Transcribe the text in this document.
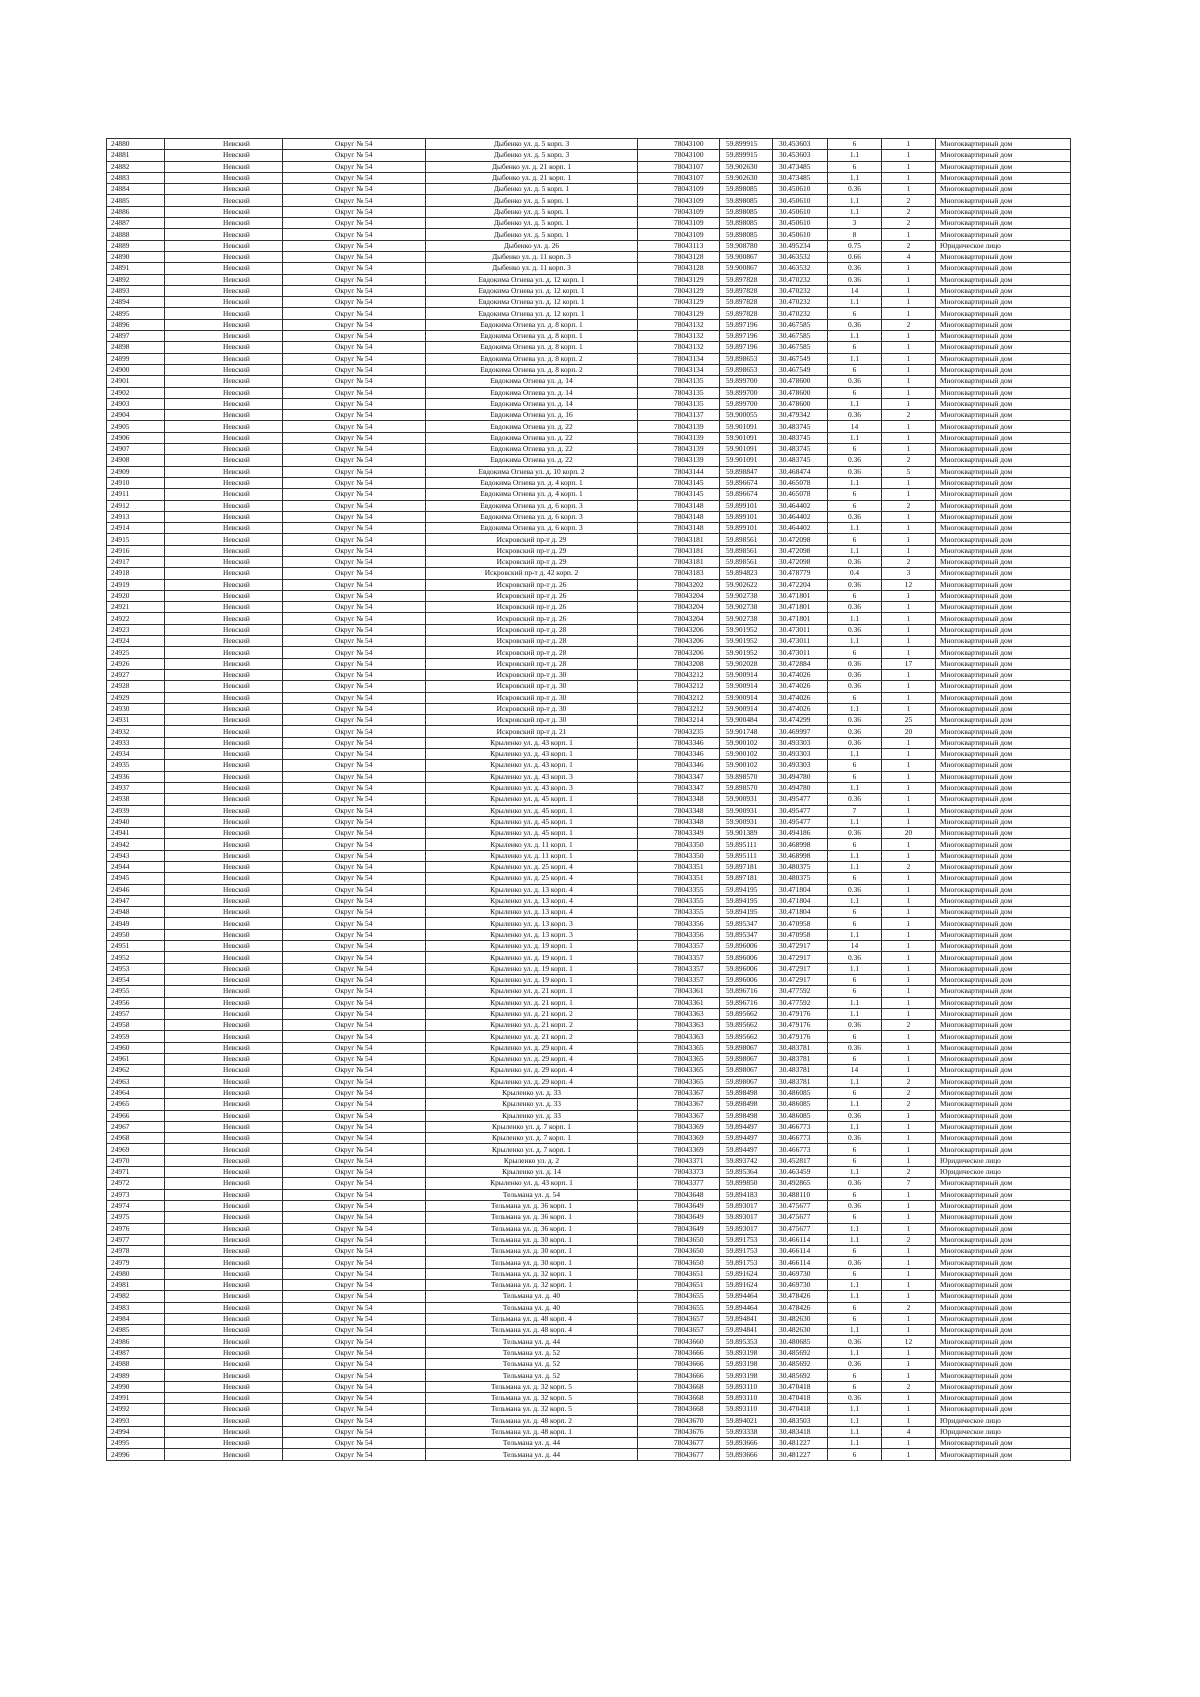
24880	Невский	Округ № 54	Дыбенко ул. д. 5 корп. 3	78043100	59.899915	30.453603	6	1	Многоквартирный дом
24881	Невский	Округ № 54	Дыбенко ул. д. 5 корп. 3	78043100	59.899915	30.453603	1.1	1	Многоквартирный дом
24882	Невский	Округ № 54	Дыбенко ул. д. 21 корп. 1	78043107	59.902630	30.473485	6	1	Многоквартирный дом
24883	Невский	Округ № 54	Дыбенко ул. д. 21 корп. 1	78043107	59.902630	30.473485	1.1	1	Многоквартирный дом
24884	Невский	Округ № 54	Дыбенко ул. д. 5 корп. 1	78043109	59.898085	30.450610	0.36	1	Многоквартирный дом
24885	Невский	Округ № 54	Дыбенко ул. д. 5 корп. 1	78043109	59.898085	30.450610	1.1	2	Многоквартирный дом
24886	Невский	Округ № 54	Дыбенко ул. д. 5 корп. 1	78043109	59.898085	30.450610	1.1	2	Многоквартирный дом
24887	Невский	Округ № 54	Дыбенко ул. д. 5 корп. 1	78043109	59.898085	30.450610	3	2	Многоквартирный дом
24888	Невский	Округ № 54	Дыбенко ул. д. 5 корп. 1	78043109	59.898085	30.450610	8	1	Многоквартирный дом
24889	Невский	Округ № 54	Дыбенко ул. д. 26	78043113	59.908780	30.495234	0.75	2	Юридическое лицо
24890	Невский	Округ № 54	Дыбенко ул. д. 11 корп. 3	78043128	59.900867	30.463532	0.66	4	Многоквартирный дом
24891	Невский	Округ № 54	Дыбенко ул. д. 11 корп. 3	78043128	59.900867	30.463532	0.36	1	Многоквартирный дом
24892	Невский	Округ № 54	Евдокима Огнева ул. д. 12 корп. 1	78043129	59.897828	30.470232	0.36	1	Многоквартирный дом
24893	Невский	Округ № 54	Евдокима Огнева ул. д. 12 корп. 1	78043129	59.897828	30.470232	14	1	Многоквартирный дом
24894	Невский	Округ № 54	Евдокима Огнева ул. д. 12 корп. 1	78043129	59.897828	30.470232	1.1	1	Многоквартирный дом
24895	Невский	Округ № 54	Евдокима Огнева ул. д. 12 корп. 1	78043129	59.897828	30.470232	6	1	Многоквартирный дом
24896	Невский	Округ № 54	Евдокима Огнева ул. д. 8 корп. 1	78043132	59.897196	30.467585	0.36	2	Многоквартирный дом
24897	Невский	Округ № 54	Евдокима Огнева ул. д. 8 корп. 1	78043132	59.897196	30.467585	1.1	1	Многоквартирный дом
24898	Невский	Округ № 54	Евдокима Огнева ул. д. 8 корп. 1	78043132	59.897196	30.467585	6	1	Многоквартирный дом
24899	Невский	Округ № 54	Евдокима Огнева ул. д. 8 корп. 2	78043134	59.898653	30.467549	1.1	1	Многоквартирный дом
24900	Невский	Округ № 54	Евдокима Огнева ул. д. 8 корп. 2	78043134	59.898653	30.467549	6	1	Многоквартирный дом
24901	Невский	Округ № 54	Евдокима Огнева ул. д. 14	78043135	59.899700	30.478600	0.36	1	Многоквартирный дом
24902	Невский	Округ № 54	Евдокима Огнева ул. д. 14	78043135	59.899700	30.478600	6	1	Многоквартирный дом
24903	Невский	Округ № 54	Евдокима Огнева ул. д. 14	78043135	59.899700	30.478600	1.1	1	Многоквартирный дом
24904	Невский	Округ № 54	Евдокима Огнева ул. д. 16	78043137	59.900055	30.479342	0.36	2	Многоквартирный дом
24905	Невский	Округ № 54	Евдокима Огнева ул. д. 22	78043139	59.901091	30.483745	14	1	Многоквартирный дом
24906	Невский	Округ № 54	Евдокима Огнева ул. д. 22	78043139	59.901091	30.483745	1.1	1	Многоквартирный дом
24907	Невский	Округ № 54	Евдокима Огнева ул. д. 22	78043139	59.901091	30.483745	6	1	Многоквартирный дом
24908	Невский	Округ № 54	Евдокима Огнева ул. д. 22	78043139	59.901091	30.483745	0.36	2	Многоквартирный дом
24909	Невский	Округ № 54	Евдокима Огнева ул. д. 10 корп. 2	78043144	59.898847	30.468474	0.36	5	Многоквартирный дом
24910	Невский	Округ № 54	Евдокима Огнева ул. д. 4 корп. 1	78043145	59.896674	30.465078	1.1	1	Многоквартирный дом
24911	Невский	Округ № 54	Евдокима Огнева ул. д. 4 корп. 1	78043145	59.896674	30.465078	6	1	Многоквартирный дом
24912	Невский	Округ № 54	Евдокима Огнева ул. д. 6 корп. 3	78043148	59.899101	30.464402	6	2	Многоквартирный дом
24913	Невский	Округ № 54	Евдокима Огнева ул. д. 6 корп. 3	78043148	59.899101	30.464402	0.36	1	Многоквартирный дом
24914	Невский	Округ № 54	Евдокима Огнева ул. д. 6 корп. 3	78043148	59.899101	30.464402	1.1	1	Многоквартирный дом
24915	Невский	Округ № 54	Искровский пр-т д. 29	78043181	59.898561	30.472098	6	1	Многоквартирный дом
24916	Невский	Округ № 54	Искровский пр-т д. 29	78043181	59.898561	30.472098	1.1	1	Многоквартирный дом
24917	Невский	Округ № 54	Искровский пр-т д. 29	78043181	59.898561	30.472098	0.36	2	Многоквартирный дом
24918	Невский	Округ № 54	Искровский пр-т д. 42 корп. 2	78043183	59.894823	30.478779	0.4	3	Многоквартирный дом
24919	Невский	Округ № 54	Искровский пр-т д. 26	78043202	59.902622	30.472204	0.36	12	Многоквартирный дом
24920	Невский	Округ № 54	Искровский пр-т д. 26	78043204	59.902738	30.471801	6	1	Многоквартирный дом
24921	Невский	Округ № 54	Искровский пр-т д. 26	78043204	59.902738	30.471801	0.36	1	Многоквартирный дом
24922	Невский	Округ № 54	Искровский пр-т д. 26	78043204	59.902738	30.471801	1.1	1	Многоквартирный дом
24923	Невский	Округ № 54	Искровский пр-т д. 28	78043206	59.901952	30.473011	0.36	1	Многоквартирный дом
24924	Невский	Округ № 54	Искровский пр-т д. 28	78043206	59.901952	30.473011	1.1	1	Многоквартирный дом
24925	Невский	Округ № 54	Искровский пр-т д. 28	78043206	59.901952	30.473011	6	1	Многоквартирный дом
24926	Невский	Округ № 54	Искровский пр-т д. 28	78043208	59.902028	30.472884	0.36	17	Многоквартирный дом
24927	Невский	Округ № 54	Искровский пр-т д. 30	78043212	59.900914	30.474026	0.36	1	Многоквартирный дом
24928	Невский	Округ № 54	Искровский пр-т д. 30	78043212	59.900914	30.474026	0.36	1	Многоквартирный дом
24929	Невский	Округ № 54	Искровский пр-т д. 30	78043212	59.900914	30.474026	6	1	Многоквартирный дом
24930	Невский	Округ № 54	Искровский пр-т д. 30	78043212	59.900914	30.474026	1.1	1	Многоквартирный дом
24931	Невский	Округ № 54	Искровский пр-т д. 30	78043214	59.900484	30.474299	0.36	25	Многоквартирный дом
24932	Невский	Округ № 54	Искровский пр-т д. 21	78043235	59.901748	30.469997	0.36	20	Многоквартирный дом
24933	Невский	Округ № 54	Крыленко ул. д. 43 корп. 1	78043346	59.900102	30.493303	0.36	1	Многоквартирный дом
24934	Невский	Округ № 54	Крыленко ул. д. 43 корп. 1	78043346	59.900102	30.493303	1.1	1	Многоквартирный дом
24935	Невский	Округ № 54	Крыленко ул. д. 43 корп. 1	78043346	59.900102	30.493303	6	1	Многоквартирный дом
24936	Невский	Округ № 54	Крыленко ул. д. 43 корп. 3	78043347	59.898570	30.494780	6	1	Многоквартирный дом
24937	Невский	Округ № 54	Крыленко ул. д. 43 корп. 3	78043347	59.898570	30.494780	1.1	1	Многоквартирный дом
24938	Невский	Округ № 54	Крыленко ул. д. 45 корп. 1	78043348	59.900931	30.495477	0.36	1	Многоквартирный дом
24939	Невский	Округ № 54	Крыленко ул. д. 45 корп. 1	78043348	59.900931	30.495477	7	1	Многоквартирный дом
24940	Невский	Округ № 54	Крыленко ул. д. 45 корп. 1	78043348	59.900931	30.495477	1.1	1	Многоквартирный дом
24941	Невский	Округ № 54	Крыленко ул. д. 45 корп. 1	78043349	59.901389	30.494186	0.36	20	Многоквартирный дом
24942	Невский	Округ № 54	Крыленко ул. д. 11 корп. 1	78043350	59.895111	30.468998	6	1	Многоквартирный дом
24943	Невский	Округ № 54	Крыленко ул. д. 11 корп. 1	78043350	59.895111	30.468998	1.1	1	Многоквартирный дом
24944	Невский	Округ № 54	Крыленко ул. д. 25 корп. 4	78043351	59.897181	30.480375	1.1	2	Многоквартирный дом
24945	Невский	Округ № 54	Крыленко ул. д. 25 корп. 4	78043351	59.897181	30.480375	6	1	Многоквартирный дом
24946	Невский	Округ № 54	Крыленко ул. д. 13 корп. 4	78043355	59.894195	30.471804	0.36	1	Многоквартирный дом
24947	Невский	Округ № 54	Крыленко ул. д. 13 корп. 4	78043355	59.894195	30.471804	1.1	1	Многоквартирный дом
24948	Невский	Округ № 54	Крыленко ул. д. 13 корп. 4	78043355	59.894195	30.471804	6	1	Многоквартирный дом
24949	Невский	Округ № 54	Крыленко ул. д. 13 корп. 3	78043356	59.895347	30.470958	6	1	Многоквартирный дом
24950	Невский	Округ № 54	Крыленко ул. д. 13 корп. 3	78043356	59.895347	30.470958	1.1	1	Многоквартирный дом
24951	Невский	Округ № 54	Крыленко ул. д. 19 корп. 1	78043357	59.896006	30.472917	14	1	Многоквартирный дом
24952	Невский	Округ № 54	Крыленко ул. д. 19 корп. 1	78043357	59.896006	30.472917	0.36	1	Многоквартирный дом
24953	Невский	Округ № 54	Крыленко ул. д. 19 корп. 1	78043357	59.896006	30.472917	1.1	1	Многоквартирный дом
24954	Невский	Округ № 54	Крыленко ул. д. 19 корп. 1	78043357	59.896006	30.472917	6	1	Многоквартирный дом
24955	Невский	Округ № 54	Крыленко ул. д. 21 корп. 1	78043361	59.896716	30.477592	6	1	Многоквартирный дом
24956	Невский	Округ № 54	Крыленко ул. д. 21 корп. 1	78043361	59.896716	30.477592	1.1	1	Многоквартирный дом
24957	Невский	Округ № 54	Крыленко ул. д. 21 корп. 2	78043363	59.895662	30.479176	1.1	1	Многоквартирный дом
24958	Невский	Округ № 54	Крыленко ул. д. 21 корп. 2	78043363	59.895662	30.479176	0.36	2	Многоквартирный дом
24959	Невский	Округ № 54	Крыленко ул. д. 21 корп. 2	78043363	59.895662	30.479176	6	1	Многоквартирный дом
24960	Невский	Округ № 54	Крыленко ул. д. 29 корп. 4	78043365	59.898067	30.483781	0.36	1	Многоквартирный дом
24961	Невский	Округ № 54	Крыленко ул. д. 29 корп. 4	78043365	59.898067	30.483781	6	1	Многоквартирный дом
24962	Невский	Округ № 54	Крыленко ул. д. 29 корп. 4	78043365	59.898067	30.483781	14	1	Многоквартирный дом
24963	Невский	Округ № 54	Крыленко ул. д. 29 корп. 4	78043365	59.898067	30.483781	1.1	2	Многоквартирный дом
24964	Невский	Округ № 54	Крыленко ул. д. 33	78043367	59.898498	30.486085	6	2	Многоквартирный дом
24965	Невский	Округ № 54	Крыленко ул. д. 33	78043367	59.898498	30.486085	1.1	2	Многоквартирный дом
24966	Невский	Округ № 54	Крыленко ул. д. 33	78043367	59.898498	30.486085	0.36	1	Многоквартирный дом
24967	Невский	Округ № 54	Крыленко ул. д. 7 корп. 1	78043369	59.894497	30.466773	1.1	1	Многоквартирный дом
24968	Невский	Округ № 54	Крыленко ул. д. 7 корп. 1	78043369	59.894497	30.466773	0.36	1	Многоквартирный дом
24969	Невский	Округ № 54	Крыленко ул. д. 7 корп. 1	78043369	59.894497	30.466773	6	1	Многоквартирный дом
24970	Невский	Округ № 54	Крыленко ул. д. 2	78043371	59.893742	30.452817	6	1	Юридическое лицо
24971	Невский	Округ № 54	Крыленко ул. д. 14	78043373	59.895364	30.463459	1.1	2	Юридическое лицо
24972	Невский	Округ № 54	Крыленко ул. д. 43 корп. 1	78043377	59.899850	30.492865	0.36	7	Многоквартирный дом
24973	Невский	Округ № 54	Тельмана ул. д. 54	78043648	59.894183	30.488110	6	1	Многоквартирный дом
24974	Невский	Округ № 54	Тельмана ул. д. 36 корп. 1	78043649	59.893017	30.475677	0.36	1	Многоквартирный дом
24975	Невский	Округ № 54	Тельмана ул. д. 36 корп. 1	78043649	59.893017	30.475677	6	1	Многоквартирный дом
24976	Невский	Округ № 54	Тельмана ул. д. 36 корп. 1	78043649	59.893017	30.475677	1.1	1	Многоквартирный дом
24977	Невский	Округ № 54	Тельмана ул. д. 30 корп. 1	78043650	59.891753	30.466114	1.1	2	Многоквартирный дом
24978	Невский	Округ № 54	Тельмана ул. д. 30 корп. 1	78043650	59.891753	30.466114	6	1	Многоквартирный дом
24979	Невский	Округ № 54	Тельмана ул. д. 30 корп. 1	78043650	59.891753	30.466114	0.36	1	Многоквартирный дом
24980	Невский	Округ № 54	Тельмана ул. д. 32 корп. 1	78043651	59.891624	30.469730	6	1	Многоквартирный дом
24981	Невский	Округ № 54	Тельмана ул. д. 32 корп. 1	78043651	59.891624	30.469730	1.1	1	Многоквартирный дом
24982	Невский	Округ № 54	Тельмана ул. д. 40	78043655	59.894464	30.478426	1.1	1	Многоквартирный дом
24983	Невский	Округ № 54	Тельмана ул. д. 40	78043655	59.894464	30.478426	6	2	Многоквартирный дом
24984	Невский	Округ № 54	Тельмана ул. д. 48 корп. 4	78043657	59.894841	30.482630	6	1	Многоквартирный дом
24985	Невский	Округ № 54	Тельмана ул. д. 48 корп. 4	78043657	59.894841	30.482630	1.1	1	Многоквартирный дом
24986	Невский	Округ № 54	Тельмана ул. д. 44	78043660	59.895353	30.480685	0.36	12	Многоквартирный дом
24987	Невский	Округ № 54	Тельмана ул. д. 52	78043666	59.893198	30.485692	1.1	1	Многоквартирный дом
24988	Невский	Округ № 54	Тельмана ул. д. 52	78043666	59.893198	30.485692	0.36	1	Многоквартирный дом
24989	Невский	Округ № 54	Тельмана ул. д. 52	78043666	59.893198	30.485692	6	1	Многоквартирный дом
24990	Невский	Округ № 54	Тельмана ул. д. 32 корп. 5	78043668	59.893110	30.470418	6	2	Многоквартирный дом
24991	Невский	Округ № 54	Тельмана ул. д. 32 корп. 5	78043668	59.893110	30.470418	0.36	1	Многоквартирный дом
24992	Невский	Округ № 54	Тельмана ул. д. 32 корп. 5	78043668	59.893110	30.470418	1.1	1	Многоквартирный дом
24993	Невский	Округ № 54	Тельмана ул. д. 48 корп. 2	78043670	59.894021	30.483503	1.1	1	Юридическое лицо
24994	Невский	Округ № 54	Тельмана ул. д. 48 корп. 1	78043676	59.893338	30.483418	1.1	4	Юридическое лицо
24995	Невский	Округ № 54	Тельмана ул. д. 44	78043677	59.893666	30.481227	1.1	1	Многоквартирный дом
24996	Невский	Округ № 54	Тельмана ул. д. 44	78043677	59.893666	30.481227	6	1	Многоквартирный дом
